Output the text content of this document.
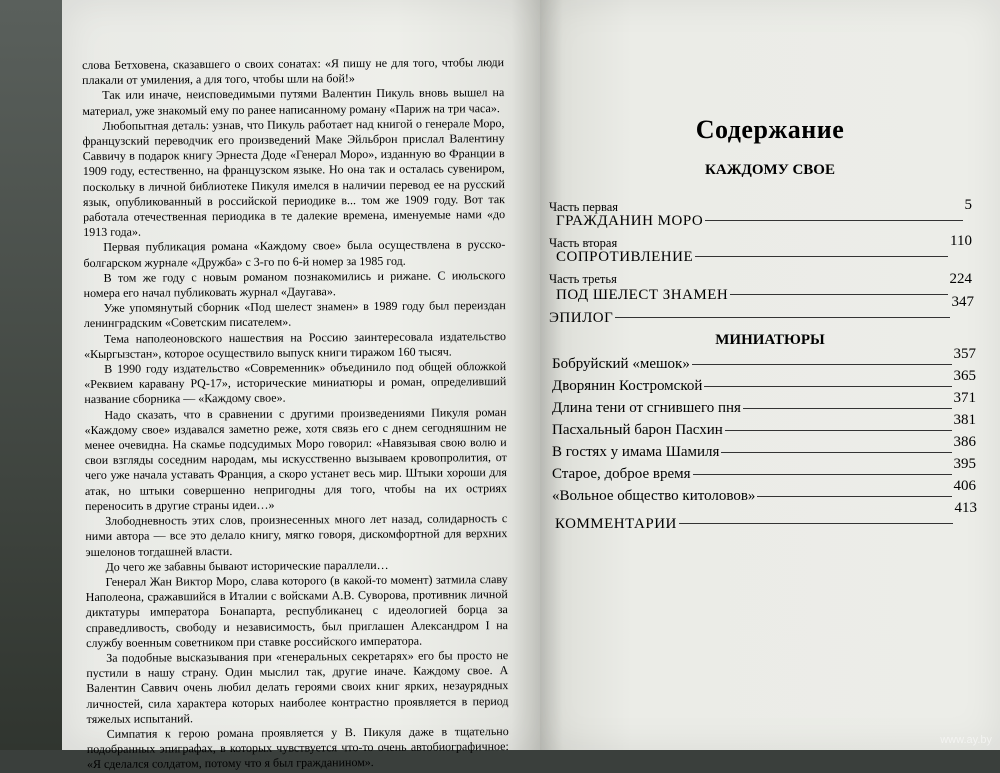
слова Бетховена, сказавшего о своих сонатах: «Я пишу не для того, чтобы люди плакали от умиления, а для того, чтобы шли на бой!»

Так или иначе, неисповедимыми путями Валентин Пикуль вновь вышел на материал, уже знакомый ему по ранее написанному роману «Париж на три часа».

Любопытная деталь: узнав, что Пикуль работает над книгой о генерале Моро, французский переводчик его произведений Маке Эйльброн прислал Валентину Саввичу в подарок книгу Эрнеста Доде «Генерал Моро», изданную во Франции в 1909 году, естественно, на французском языке. Но она так и осталась сувениром, поскольку в личной библиотеке Пикуля имелся в наличии перевод ее на русский язык, опубликованный в российской периодике в... том же 1909 году. Вот так работала отечественная периодика в те далекие времена, именуемые нами «до 1913 года».

Первая публикация романа «Каждому свое» была осуществлена в русско-болгарском журнале «Дружба» с 3-го по 6-й номер за 1985 год.

В том же году с новым романом познакомились и рижане. С июльского номера его начал публиковать журнал «Даугава».

Уже упомянутый сборник «Под шелест знамен» в 1989 году был переиздан ленинградским «Советским писателем».

Тема наполеоновского нашествия на Россию заинтересовала издательство «Кыргызстан», которое осуществило выпуск книги тиражом 160 тысяч.

В 1990 году издательство «Современник» объединило под общей обложкой «Реквием каравану PQ-17», исторические миниатюры и роман, определивший название сборника — «Каждому свое».

Надо сказать, что в сравнении с другими произведениями Пикуля роман «Каждому свое» издавался заметно реже, хотя связь его с днем сегодняшним не менее очевидна. На скамье подсудимых Моро говорил: «Навязывая свою волю и свои взгляды соседним народам, мы искусственно вызываем кровопролития, от чего уже начала уставать Франция, а скоро устанет весь мир. Штыки хороши для атак, но штыки совершенно непригодны для того, чтобы на их остриях переносить в другие страны идеи…»

Злободневность этих слов, произнесенных много лет назад, солидарность с ними автора — все это делало книгу, мягко говоря, дискомфортной для верхних эшелонов тогдашней власти.

До чего же забавны бывают исторические параллели…

Генерал Жан Виктор Моро, слава которого (в какой-то момент) затмила славу Наполеона, сражавшийся в Италии с войсками А.В. Суворова, противник личной диктатуры императора Бонапарта, республиканец с идеологией борца за справедливость, свободу и независимость, был приглашен Александром I на службу военным советником при ставке российского императора.

За подобные высказывания при «генеральных секретарях» его бы просто не пустили в нашу страну. Один мыслил так, другие иначе. Каждому свое. А Валентин Саввич очень любил делать героями своих книг ярких, незаурядных личностей, сила характера которых наиболее контрастно проявляется в период тяжелых испытаний.

Симпатия к герою романа проявляется у В. Пикуля даже в тщательно подобранных эпиграфах, в которых чувствуется что-то очень автобиографичное: «Я сделался солдатом, потому что я был гражданином».

Содержание
КАЖДОМУ СВОЕ
Часть первая
ГРАЖДАНИН МОРО
5
Часть вторая
СОПРОТИВЛЕНИЕ
110
Часть третья
ПОД ШЕЛЕСТ ЗНАМЕН
224
ЭПИЛОГ
347
МИНИАТЮРЫ
Бобруйский «мешок»
357
Дворянин Костромской
365
Длина тени от сгнившего пня
371
Пасхальный барон Пасхин
381
В гостях у имама Шамиля
386
Старое, доброе время
395
«Вольное общество китоловов»
406
КОММЕНТАРИИ
413
www.ay.by
